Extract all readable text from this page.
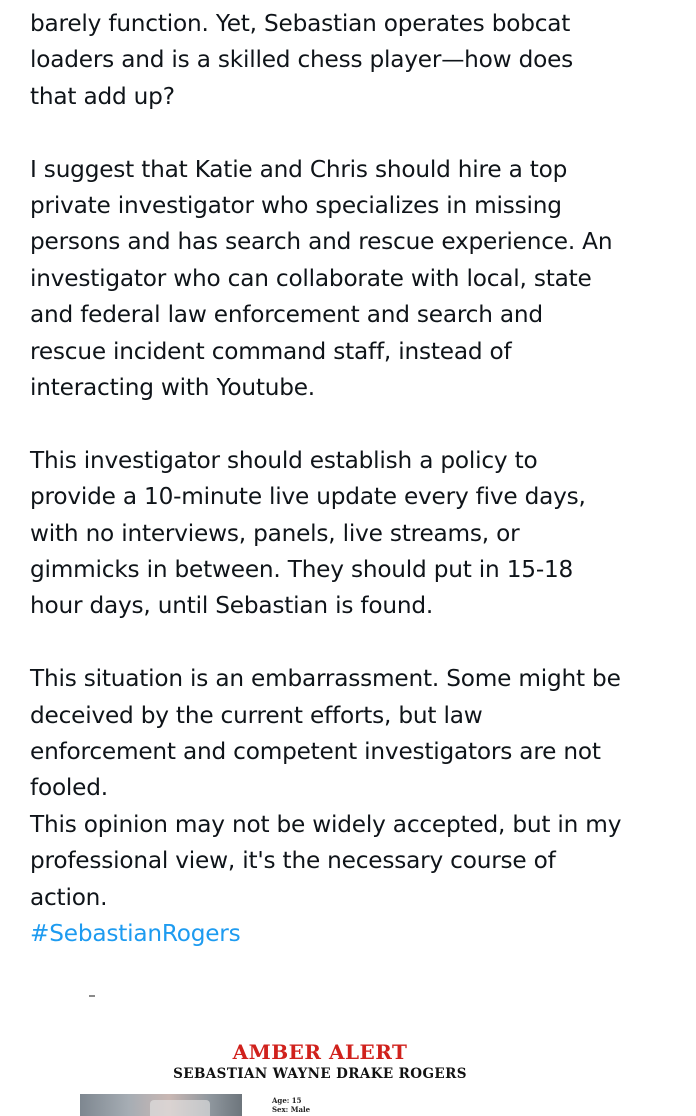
barely function. Yet, Sebastian operates bobcat loaders and is a skilled chess player—how does that add up?

I suggest that Katie and Chris should hire a top private investigator who specializes in missing persons and has search and rescue experience. An investigator who can collaborate with local, state and federal law enforcement and search and rescue incident command staff, instead of interacting with Youtube.

This investigator should establish a policy to provide a 10-minute live update every five days, with no interviews, panels, live streams, or gimmicks in between. They should put in 15-18 hour days, until Sebastian is found.

This situation is an embarrassment. Some might be deceived by the current efforts, but law enforcement and competent investigators are not fooled.

This opinion may not be widely accepted, but in my professional view, it's the necessary course of action.

#SebastianRogers
AMBER ALERT
SEBASTIAN WAYNE DRAKE ROGERS
Age: 15
Sex: Male
